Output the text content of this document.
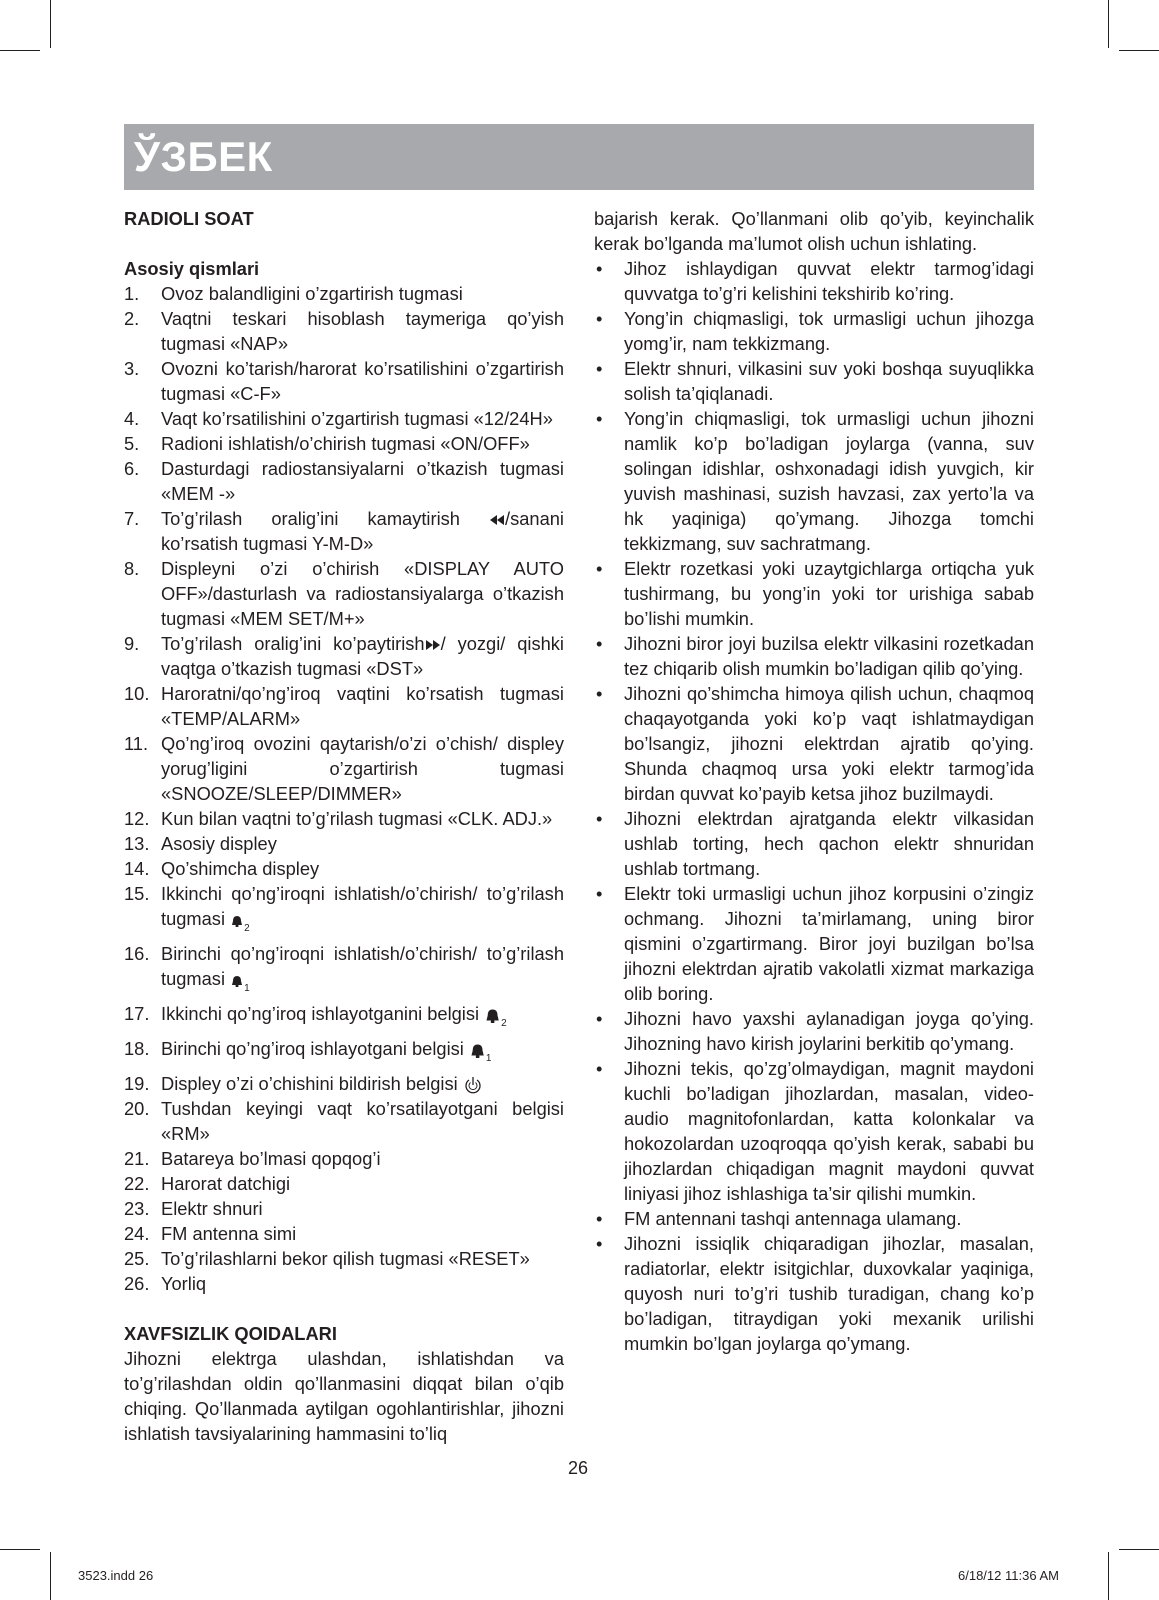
ЎЗБЕК
RADIOLI SOAT
Asosiy qismlari
1. Ovoz balandligini o’zgartirish tugmasi
2. Vaqtni teskari hisoblash taymeriga qo’yish tugmasi «NAP»
3. Ovozni ko’tarish/harorat ko’rsatilishini o’zgartirish tugmasi «C-F»
4. Vaqt ko’rsatilishini o’zgartirish tugmasi «12/24H»
5. Radioni ishlatish/o’chirish tugmasi «ON/OFF»
6. Dasturdagi radiostansiyalarni o’tkazish tugmasi «MEM -»
7. To’g’rilash oralig’ini kamaytirish /sanani ko’rsatish tugmasi Y-M-D»
8. Displeyni o’zi o’chirish «DISPLAY AUTO OFF»/dasturlash va radiostansiyalarga o’tkazish tugmasi «MEM SET/M+»
9. To’g’rilash oralig’ini ko’paytirish / yozgi/ qishki vaqtga o’tkazish tugmasi «DST»
10. Haroratni/qo’ng’iroq vaqtini ko’rsatish tugmasi «TEMP/ALARM»
11. Qo’ng’iroq ovozini qaytarish/o’zi o’chish/ displey yorug’ligini o’zgartirish tugmasi «SNOOZE/SLEEP/DIMMER»
12. Kun bilan vaqtni to’g’rilash tugmasi «CLK. ADJ.»
13. Asosiy displey
14. Qo’shimcha displey
15. Ikkinchi qo’ng’iroqni ishlatish/o’chirish/ to’g’rilash tugmasi $_2$
16. Birinchi qo’ng’iroqni ishlatish/o’chirish/ to’g’rilash tugmasi $_1$
17. Ikkinchi qo’ng’iroq ishlayotganini belgisi $_2$
18. Birinchi qo’ng’iroq ishlayotgani belgisi $_1$
19. Displey o’zi o’chishini bildirish belgisi
20. Tushdan keyingi vaqt ko’rsatilayotgani belgisi «RM»
21. Batareya bo’lmasi qopqog’i
22. Harorat datchigi
23. Elektr shnuri
24. FM antenna simi
25. To’g’rilashlarni bekor qilish tugmasi «RESET»
26. Yorliq
XAVFSIZLIK QOIDALARI
Jihozni elektrga ulashdan, ishlatishdan va to’g’rilashdan oldin qo’llanmasini diqqat bilan o’qib chiqing. Qo’llanmada aytilgan ogohlantirishlar, jihozni ishlatish tavsiyalarining hammasini to’liq
bajarish kerak. Qo’llanmani olib qo’yib, keyinchalik kerak bo’lganda ma’lumot olish uchun ishlating.
• Jihoz ishlaydigan quvvat elektr tarmog’idagi quvvatga to’g’ri kelishini tekshirib ko’ring.
• Yong’in chiqmasligi, tok urmasligi uchun jihozga yomg’ir, nam tekkizmang.
• Elektr shnuri, vilkasini suv yoki boshqa suyuqlikka solish ta’qiqlanadi.
• Yong’in chiqmasligi, tok urmasligi uchun jihozni namlik ko’p bo’ladigan joylarga (vanna, suv solingan idishlar, oshxonadagi idish yuvgich, kir yuvish mashinasi, suzish havzasi, zax yerto’la va hk yaqiniga) qo’ymang. Jihozga tomchi tekkizmang, suv sachratmang.
• Elektr rozetkasi yoki uzaytgichlarga ortiqcha yuk tushirmang, bu yong’in yoki tor urishiga sabab bo’lishi mumkin.
• Jihozni biror joyi buzilsa elektr vilkasini rozetkadan tez chiqarib olish mumkin bo’ladigan qilib qo’ying.
• Jihozni qo’shimcha himoya qilish uchun, chaqmoq chaqayotganda yoki ko’p vaqt ishlatmaydigan bo’lsangiz, jihozni elektrdan ajratib qo’ying. Shunda chaqmoq ursa yoki elektr tarmog’ida birdan quvvat ko’payib ketsa jihoz buzilmaydi.
• Jihozni elektrdan ajratganda elektr vilkasidan ushlab torting, hech qachon elektr shnuridan ushlab tortmang.
• Elektr toki urmasligi uchun jihoz korpusini o’zingiz ochmang. Jihozni ta’mirlamang, uning biror qismini o’zgartirmang. Biror joyi buzilgan bo’lsa jihozni elektrdan ajratib vakolatli xizmat markaziga olib boring.
• Jihozni havo yaxshi aylanadigan joyga qo’ying. Jihozning havo kirish joylarini berkitib qo’ymang.
• Jihozni tekis, qo’zg’olmaydigan, magnit maydoni kuchli bo’ladigan jihozlardan, masalan, video-audio magnitofonlardan, katta kolonkalar va hokozolardan uzoqroqqa qo’yish kerak, sababi bu jihozlardan chiqadigan magnit maydoni quvvat liniyasi jihoz ishlashiga ta’sir qilishi mumkin.
• FM antennani tashqi antennaga ulamang.
• Jihozni issiqlik chiqaradigan jihozlar, masalan, radiatorlar, elektr isitgichlar, duxovkalar yaqiniga, quyosh nuri to’g’ri tushib turadigan, chang ko’p bo’ladigan, titraydigan yoki mexanik urilishi mumkin bo’lgan joylarga qo’ymang.
26
3523.indd 26	6/18/12 11:36 AM
